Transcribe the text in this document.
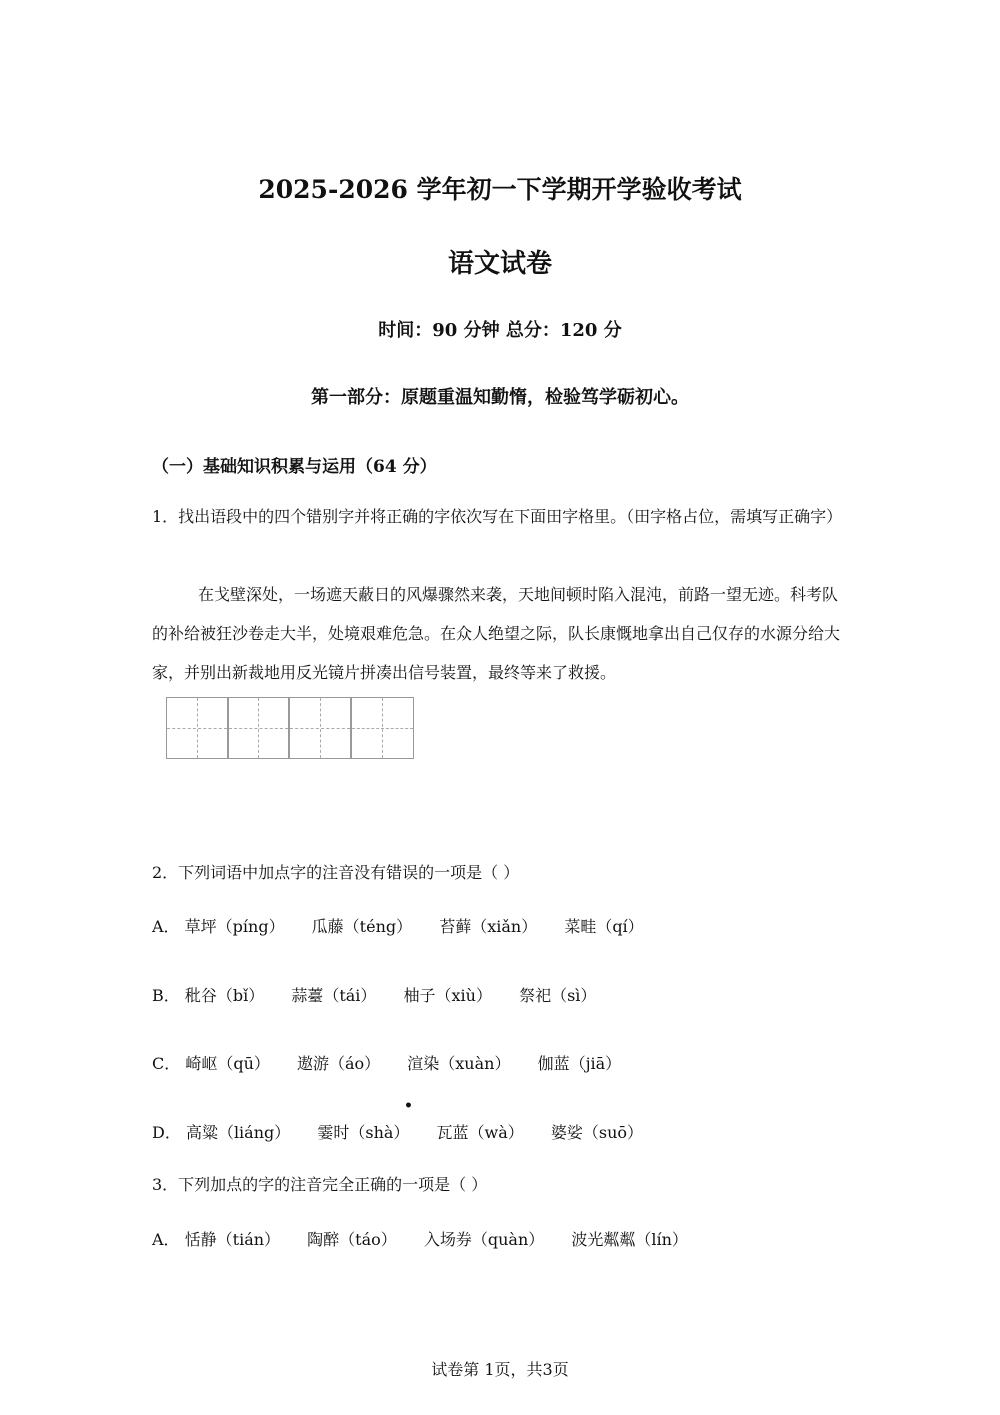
2025-2026 学年初一下学期开学验收考试
语文试卷
时间：90 分钟 总分：120 分
第一部分：原题重温知勤惰，检验笃学砺初心。
（一）基础知识积累与运用（64 分）
1．找出语段中的四个错别字并将正确的字依次写在下面田字格里。（田字格占位，需填写正确字）
在戈壁深处，一场遮天蔽日的风爆骤然来袭，天地间顿时陷入混沌，前路一望无迹。科考队的补给被狂沙卷走大半，处境艰难危急。在众人绝望之际，队长康慨地拿出自己仅存的水源分给大家，并别出新裁地用反光镜片拼凑出信号装置，最终等来了救援。
2．下列词语中加点字的注音没有错误的一项是（ ）
A． 草坪（píng） 瓜藤（téng） 苔藓（xiǎn） 菜畦（qí）
B． 秕谷（bǐ） 蒜薹（tái） 柚子（xiù） 祭祀（sì）
C． 崎岖（qū） 遨游（áo） 渲染（xuàn） 伽蓝（jiā）
•
D． 高粱（liáng） 霎时（shà） 瓦蓝（wà） 婆娑（suō）
3．下列加点的字的注音完全正确的一项是（ ）
A． 恬静（tián） 陶醉（táo） 入场券（quàn） 波光粼粼（lín）
试卷第 1页，共3页
